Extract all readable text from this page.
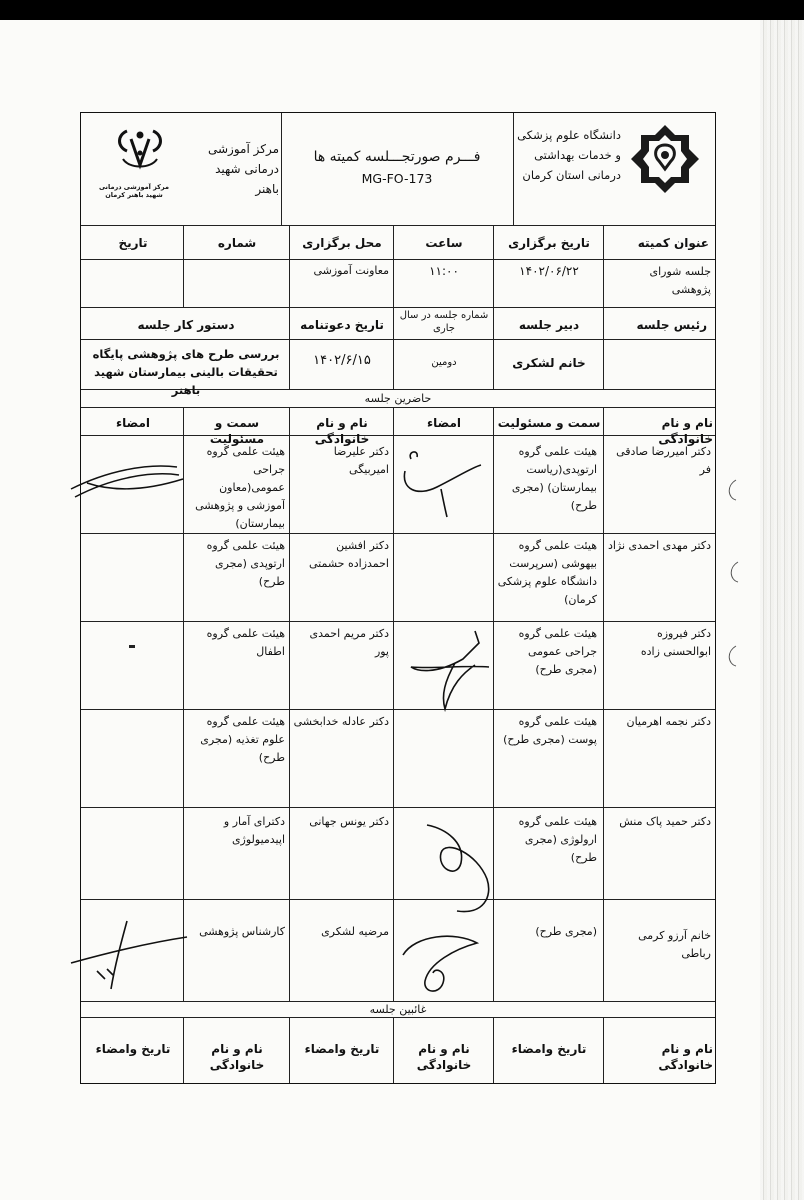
دانشگاه علوم پزشکی و خدمات بهداشتی درمانی استان کرمان
فـــرم صورتجـــلسه کمیته ها
MG-FO-173
مرکز آموزشی درمانی شهید باهنر
مرکز آموزشی درمانی شهید باهنر کرمان
عنوان کمیته
تاریخ برگزاری
ساعت
محل برگزاری
شماره
تاریخ
جلسه شورای پژوهشی
۱۴۰۲/۰۶/۲۲
۱۱:۰۰
معاونت آموزشی
رئیس جلسه
دبیر جلسه
شماره جلسه در سال جاری
تاریخ دعوتنامه
دستور کار جلسه
خانم لشکری
دومین
۱۴۰۲/۶/۱۵
بررسی طرح های پژوهشی پایگاه تحقیقات بالینی بیمارستان شهید باهنر
حاضرین جلسه
نام و نام خانوادگی
سمت و مسئولیت
امضاء
نام و نام خانوادگی
سمت و مسئولیت
امضاء
دکتر امیررضا صادقی فر
هیئت علمی گروه ارتوپدی(ریاست بیمارستان) (مجری طرح)
دکتر علیرضا امیربیگی
هیئت علمی گروه جراحی عمومی(معاون آموزشی و پژوهشی بیمارستان)
دکتر مهدی احمدی نژاد
هیئت علمی گروه بیهوشی (سرپرست دانشگاه علوم پزشکی کرمان)
دکتر افشین احمدزاده حشمتی
هیئت علمی گروه ارتوپدی (مجری طرح)
دکتر فیروزه ابوالحسنی زاده
هیئت علمی گروه جراحی عمومی (مجری طرح)
دکتر مریم احمدی پور
هیئت علمی گروه اطفال
دکتر نجمه اهرمیان
هیئت علمی گروه پوست (مجری طرح)
دکتر عادله خدابخشی
هیئت علمی گروه علوم تغذیه (مجری طرح)
دکتر حمید پاک منش
هیئت علمی گروه ارولوژی (مجری طرح)
دکتر یونس جهانی
دکترای آمار و اپیدمیولوژی
خانم آرزو کرمی رباطی
(مجری طرح)
مرضیه لشکری
کارشناس پژوهشی
غائبین جلسه
نام و نام خانوادگی
تاریخ وامضاء
نام و نام خانوادگی
تاریخ وامضاء
نام و نام خانوادگی
تاریخ وامضاء
